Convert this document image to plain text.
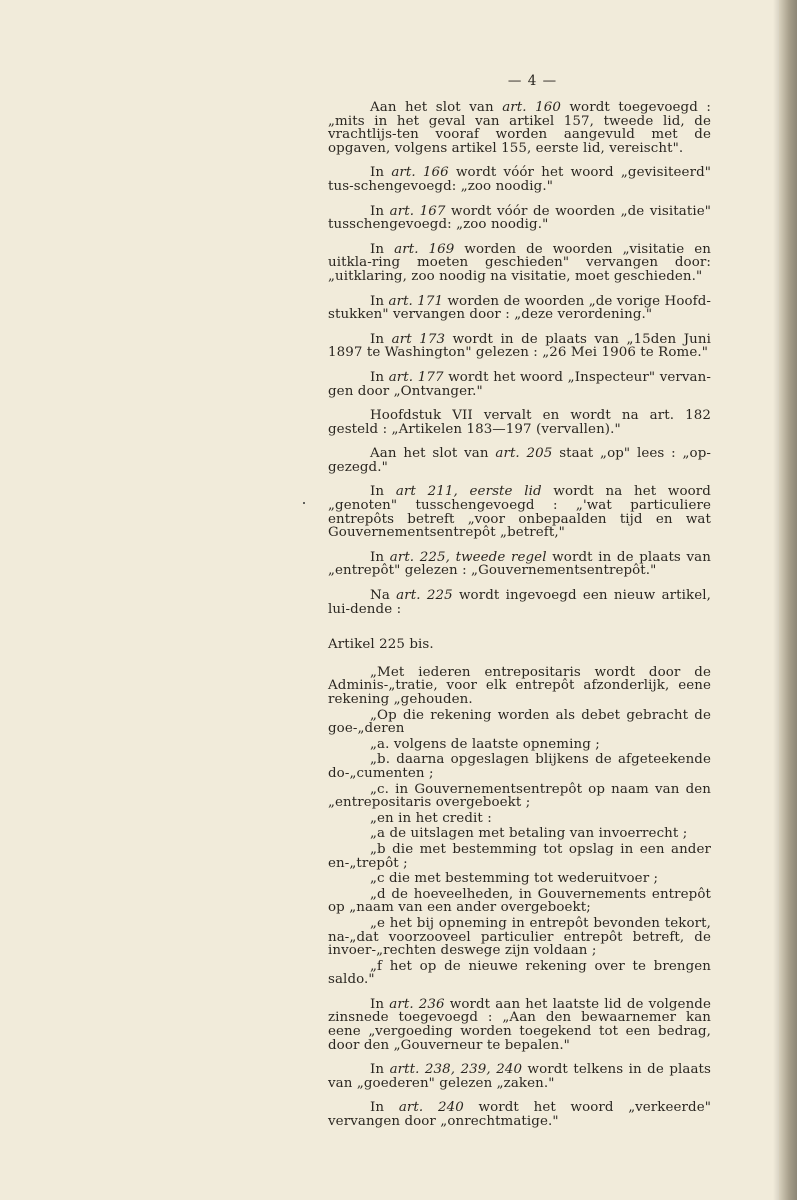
— 4 —

Aan het slot van art. 160 wordt toegevoegd : „mits in het geval van artikel 157, tweede lid, de vrachtlijs-ten vooraf worden aangevuld met de opgaven, volgens artikel 155, eerste lid, vereischt".

In art. 166 wordt vóór het woord „gevisiteerd" tus-schengevoegd: „zoo noodig."

In art. 167 wordt vóór de woorden „de visitatie" tusschengevoegd: „zoo noodig."

In art. 169 worden de woorden „visitatie en uitkla-ring moeten geschieden" vervangen door: „uitklaring, zoo noodig na visitatie, moet geschieden."

In art. 171 worden de woorden „de vorige Hoofd-stukken" vervangen door : „deze verordening."

In art 173 wordt in de plaats van „15den Juni 1897 te Washington" gelezen : „26 Mei 1906 te Rome."

In art. 177 wordt het woord „Inspecteur" vervan-gen door „Ontvanger."

Hoofdstuk VII vervalt en wordt na art. 182 gesteld : „Artikelen 183—197 (vervallen)."

Aan het slot van art. 205 staat „op" lees : „op-gezegd."

In art 211, eerste lid wordt na het woord „genoten" tusschengevoegd : „'wat particuliere entrepôts betreft „voor onbepaalden tijd en wat Gouvernementsentrepôt „betreft,"

In art. 225, tweede regel wordt in de plaats van „entrepôt" gelezen : „Gouvernementsentrepôt."

Na art. 225 wordt ingevoegd een nieuw artikel, lui-dende :

Artikel 225 bis.

„Met iederen entrepositaris wordt door de Adminis-„tratie, voor elk entrepôt afzonderlijk, eene rekening „gehouden.

„Op die rekening worden als debet gebracht de goe-„deren

„a. volgens de laatste opneming ;

„b. daarna opgeslagen blijkens de afgeteekende do-„cumenten ;

„c. in Gouvernementsentrepôt op naam van den „entrepositaris overgeboekt ;

„en in het credit :

„a de uitslagen met betaling van invoerrecht ;

„b die met bestemming tot opslag in een ander en-„trepôt ;

„c die met bestemming tot wederuitvoer ;

„d de hoeveelheden, in Gouvernements entrepôt op „naam van een ander overgeboekt;

„e het bij opneming in entrepôt bevonden tekort, na-„dat voorzooveel particulier entrepôt betreft, de invoer-„rechten deswege zijn voldaan ;

„f het op de nieuwe rekening over te brengen saldo."

In art. 236 wordt aan het laatste lid de volgende zinsnede toegevoegd : „Aan den bewaarnemer kan eene „vergoeding worden toegekend tot een bedrag, door den „Gouverneur te bepalen."

In artt. 238, 239, 240 wordt telkens in de plaats van „goederen" gelezen „zaken."

In art. 240 wordt het woord „verkeerde" vervangen door „onrechtmatige."
